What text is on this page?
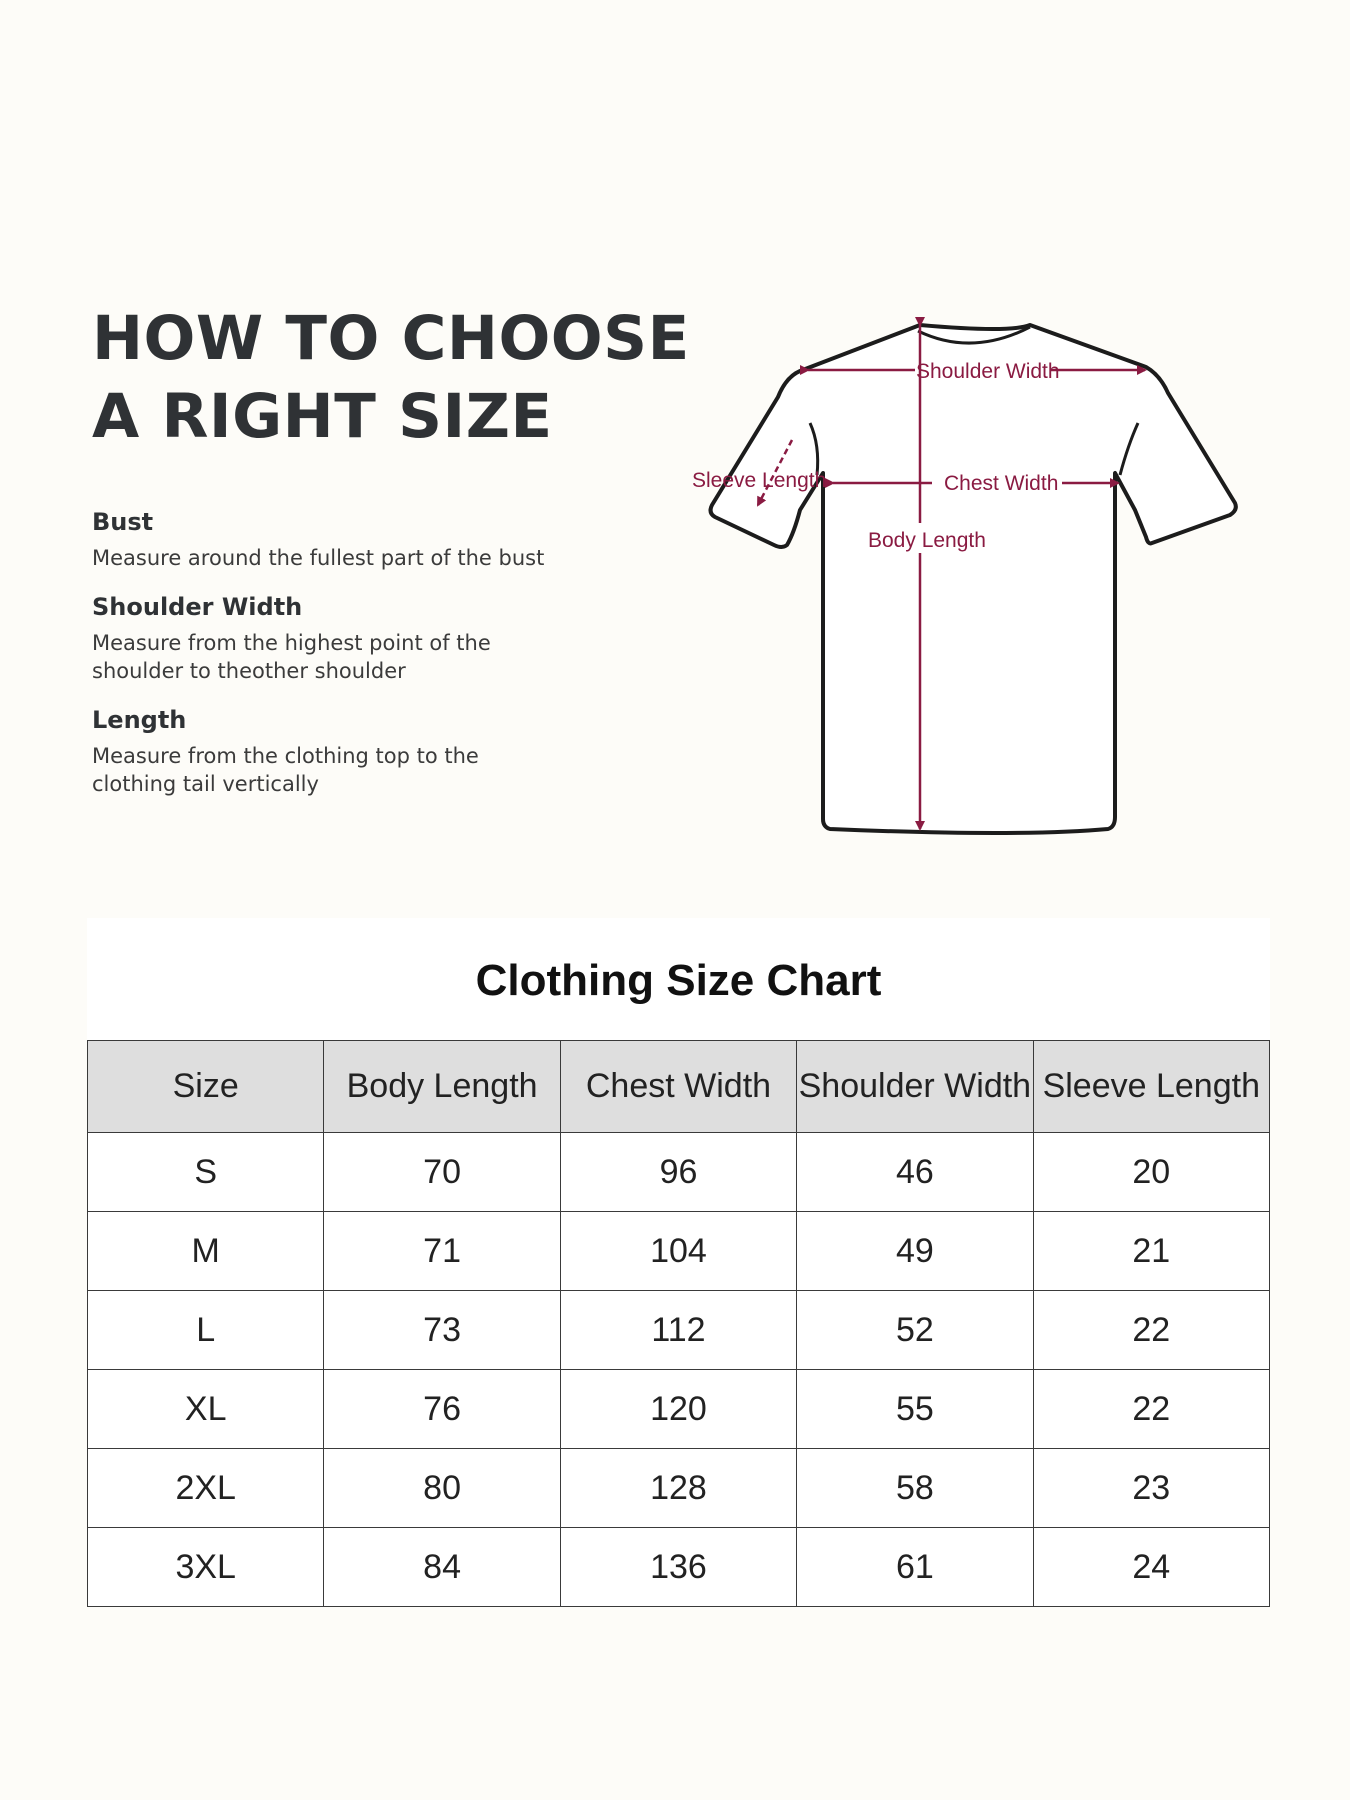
HOW TO CHOOSE
A RIGHT SIZE
Bust
Measure around the fullest part of the bust
Shoulder Width
Measure from the highest point of the
shoulder to theother shoulder
Length
Measure from the clothing top to the
clothing tail vertically
Shoulder Width
Chest Width
Body Length
Sleeve Length
Clothing Size Chart
Size	Body Length	Chest Width	Shoulder Width	Sleeve Length
S	70	96	46	20
M	71	104	49	21
L	73	112	52	22
XL	76	120	55	22
2XL	80	128	58	23
3XL	84	136	61	24
